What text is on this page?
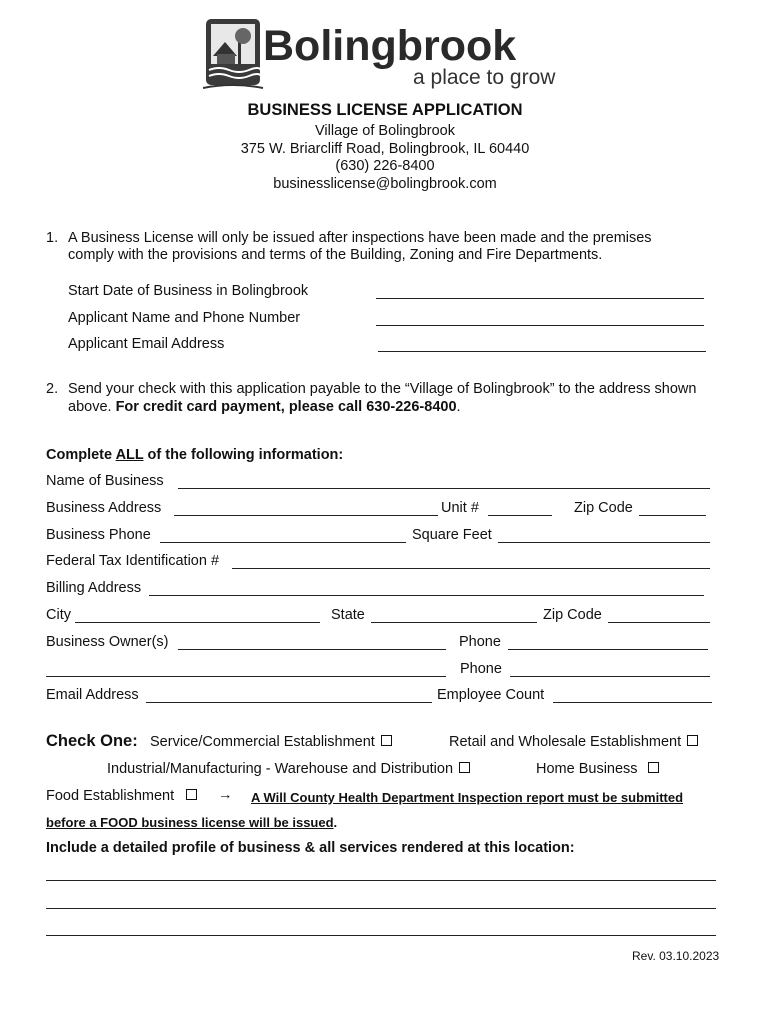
Bolingbrook
a place to grow
BUSINESS LICENSE APPLICATION
Village of Bolingbrook
375 W. Briarcliff Road, Bolingbrook, IL 60440
(630) 226-8400
businesslicense@bolingbrook.com
1. A Business License will only be issued after inspections have been made and the premises
comply with the provisions and terms of the Building, Zoning and Fire Departments.
Start Date of Business in Bolingbrook
Applicant Name and Phone Number
Applicant Email Address
2. Send your check with this application payable to the “Village of Bolingbrook” to the address shown
above. For credit card payment, please call 630-226-8400.
Complete ALL of the following information:
Name of Business
Business Address	Unit #	Zip Code
Business Phone	Square Feet
Federal Tax Identification #
Billing Address
City	State	Zip Code
Business Owner(s)	Phone
Phone
Email Address	Employee Count
Check One: Service/Commercial Establishment	Retail and Wholesale Establishment
Industrial/Manufacturing - Warehouse and Distribution	Home Business
Food Establishment	→ A Will County Health Department Inspection report must be submitted
before a FOOD business license will be issued.
Include a detailed profile of business & all services rendered at this location:
Rev. 03.10.2023
